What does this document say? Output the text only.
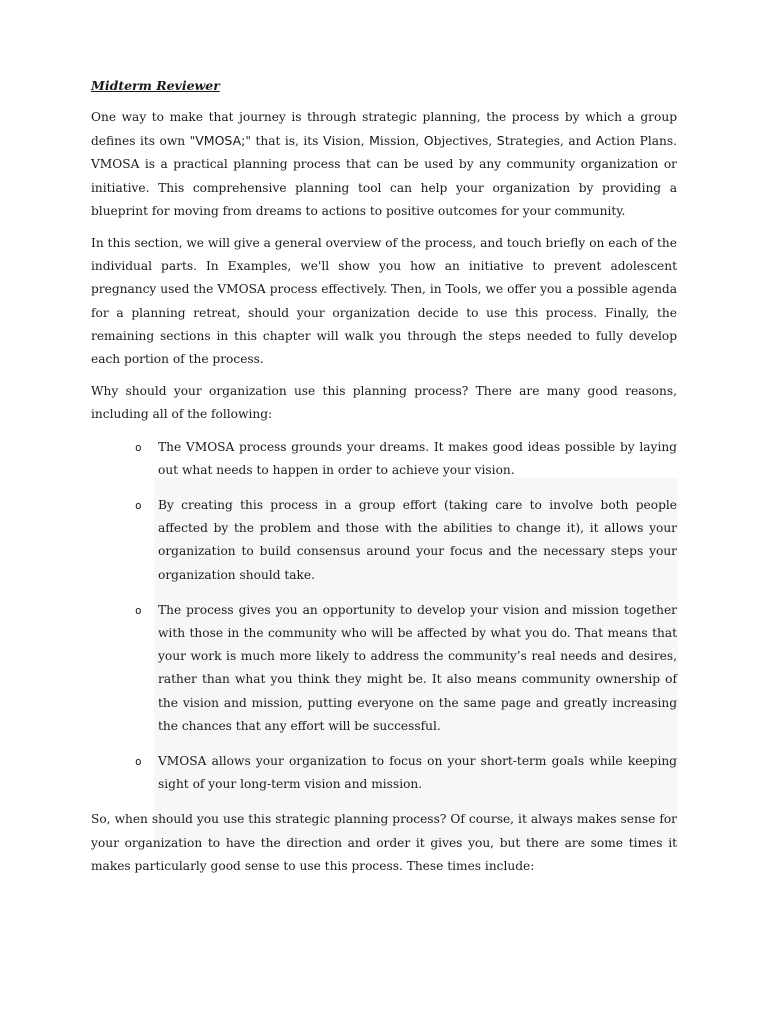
Midterm Reviewer

One way to make that journey is through strategic planning, the process by which a group defines its own "VMOSA;" that is, its Vision, Mission, Objectives, Strategies, and Action Plans. VMOSA is a practical planning process that can be used by any community organization or initiative. This comprehensive planning tool can help your organization by providing a blueprint for moving from dreams to actions to positive outcomes for your community.

In this section, we will give a general overview of the process, and touch briefly on each of the individual parts. In Examples, we'll show you how an initiative to prevent adolescent pregnancy used the VMOSA process effectively. Then, in Tools, we offer you a possible agenda for a planning retreat, should your organization decide to use this process. Finally, the remaining sections in this chapter will walk you through the steps needed to fully develop each portion of the process.

Why should your organization use this planning process? There are many good reasons, including all of the following:

o The VMOSA process grounds your dreams. It makes good ideas possible by laying out what needs to happen in order to achieve your vision.
o By creating this process in a group effort (taking care to involve both people affected by the problem and those with the abilities to change it), it allows your organization to build consensus around your focus and the necessary steps your organization should take.
o The process gives you an opportunity to develop your vision and mission together with those in the community who will be affected by what you do. That means that your work is much more likely to address the community’s real needs and desires, rather than what you think they might be. It also means community ownership of the vision and mission, putting everyone on the same page and greatly increasing the chances that any effort will be successful.
o VMOSA allows your organization to focus on your short-term goals while keeping sight of your long-term vision and mission.

So, when should you use this strategic planning process? Of course, it always makes sense for your organization to have the direction and order it gives you, but there are some times it makes particularly good sense to use this process. These times include:
